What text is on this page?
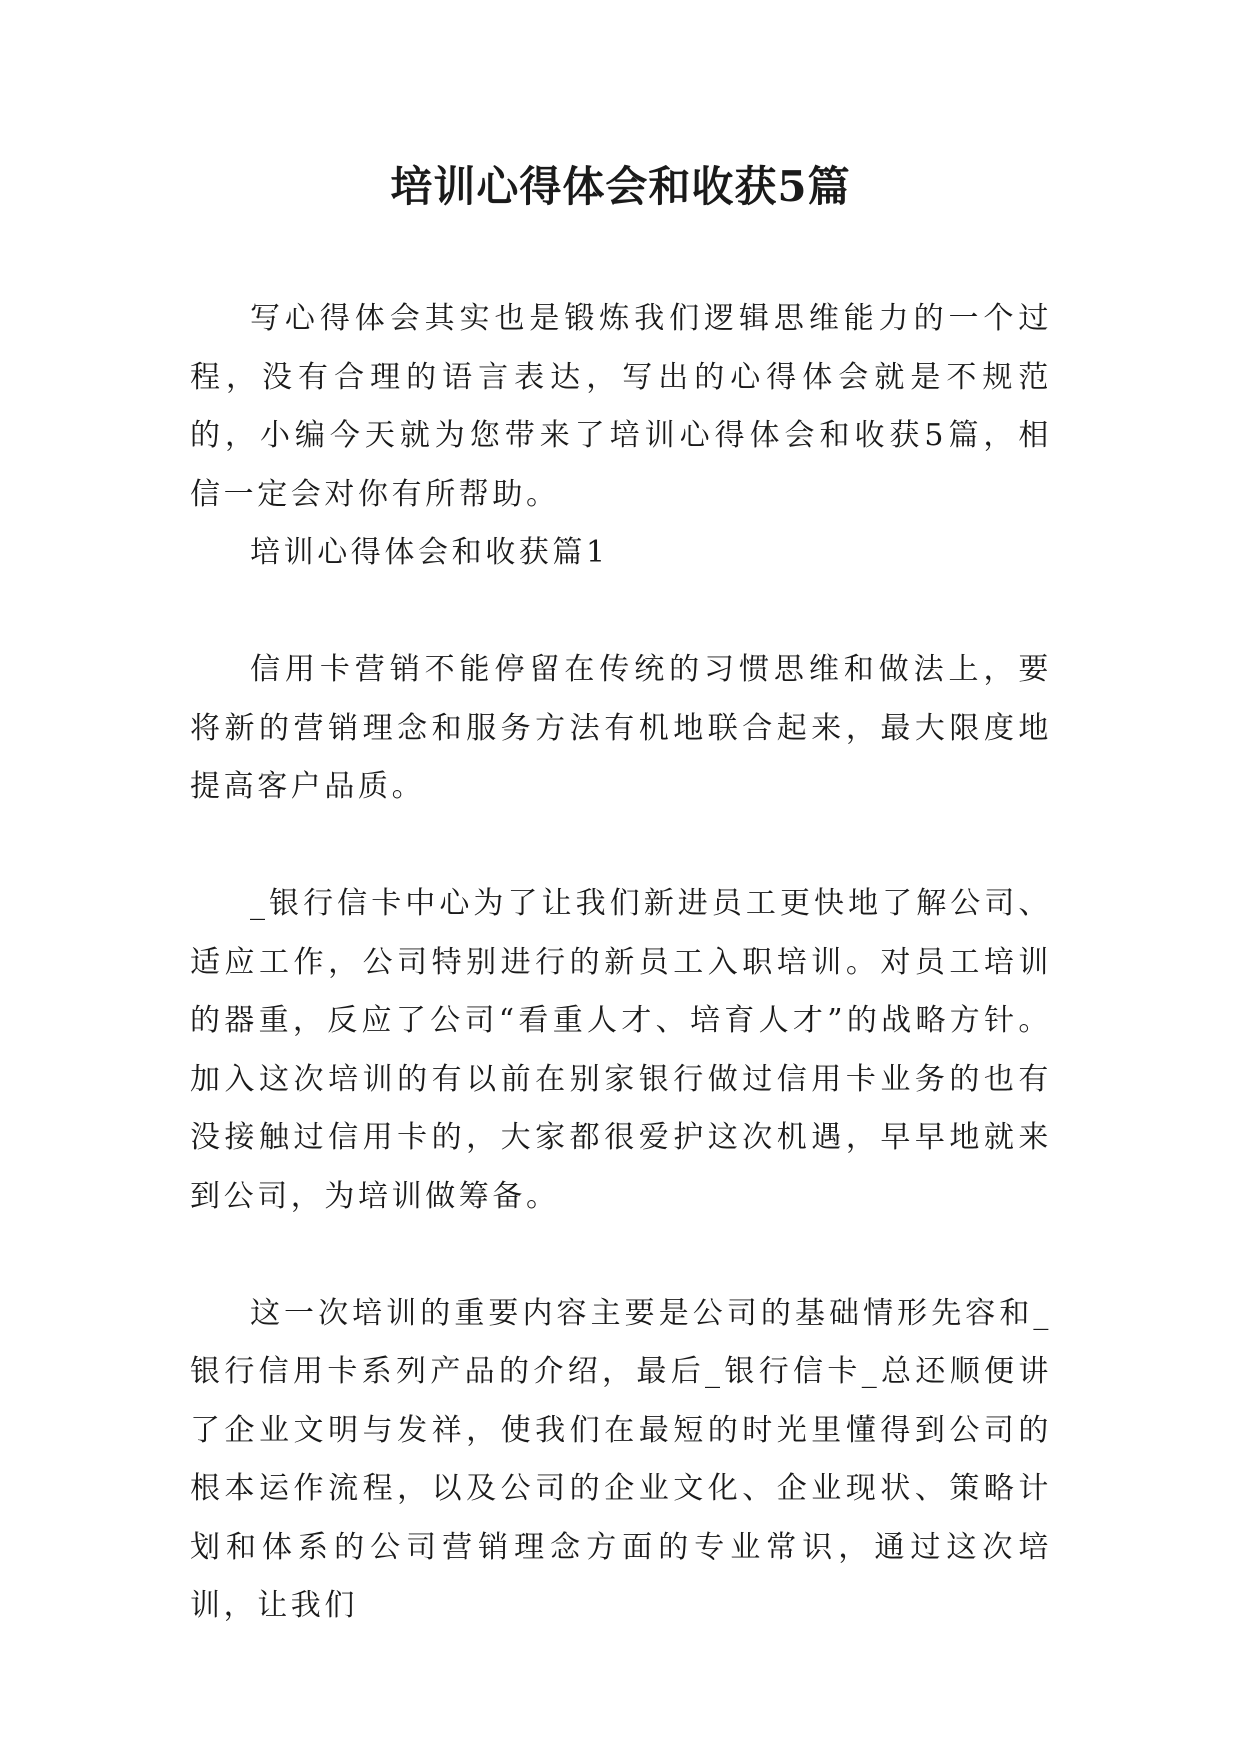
培训心得体会和收获5篇

写心得体会其实也是锻炼我们逻辑思维能力的一个过程，没有合理的语言表达，写出的心得体会就是不规范的，小编今天就为您带来了培训心得体会和收获5篇，相信一定会对你有所帮助。

培训心得体会和收获篇1

信用卡营销不能停留在传统的习惯思维和做法上，要将新的营销理念和服务方法有机地联合起来，最大限度地提高客户品质。

_银行信卡中心为了让我们新进员工更快地了解公司、适应工作，公司特别进行的新员工入职培训。对员工培训的器重，反应了公司“看重人才、培育人才”的战略方针。加入这次培训的有以前在别家银行做过信用卡业务的也有没接触过信用卡的，大家都很爱护这次机遇，早早地就来到公司，为培训做筹备。

这一次培训的重要内容主要是公司的基础情形先容和_银行信用卡系列产品的介绍，最后_银行信卡_总还顺便讲了企业文明与发祥，使我们在最短的时光里懂得到公司的根本运作流程，以及公司的企业文化、企业现状、策略计划和体系的公司营销理念方面的专业常识，通过这次培训，让我们
